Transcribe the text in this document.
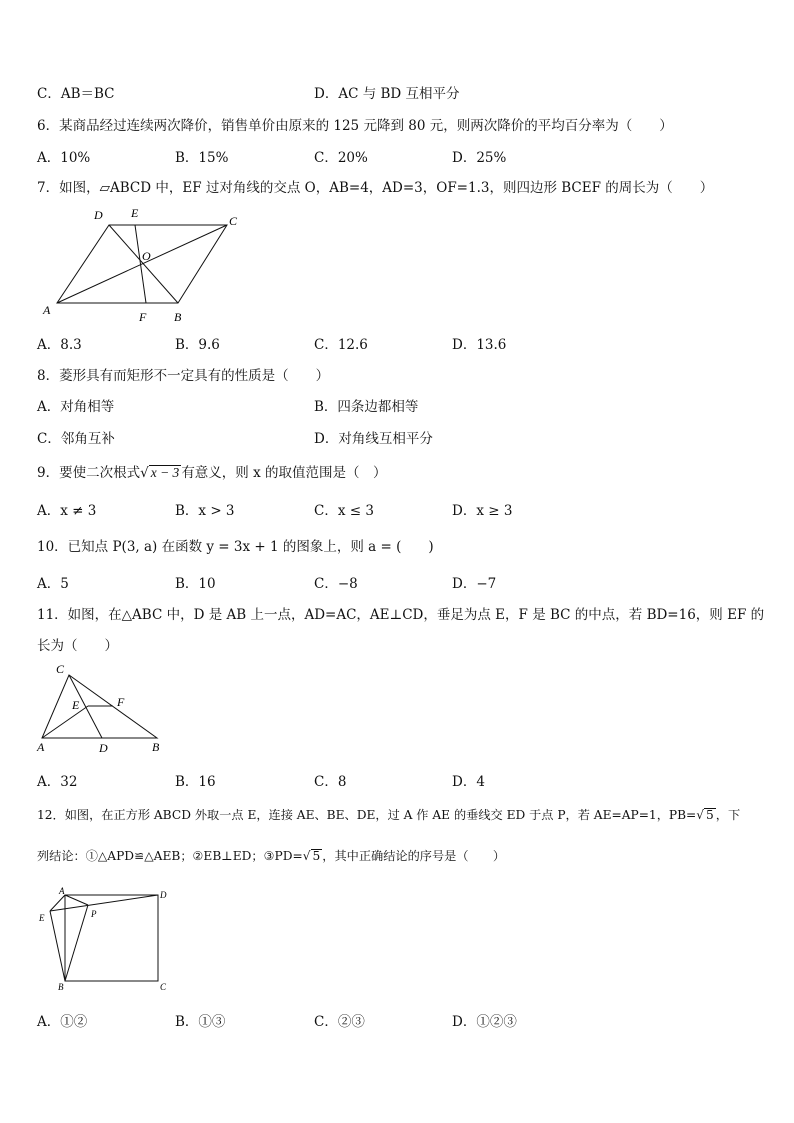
C．AB＝BC	D．AC 与 BD 互相平分
6．某商品经过连续两次降价，销售单价由原来的 125 元降到 80 元，则两次降价的平均百分率为（　　）
A．10%	B．15%	C．20%	D．25%
7．如图，▱ABCD 中，EF 过对角线的交点 O，AB=4，AD=3，OF=1.3，则四边形 BCEF 的周长为（　　）
A	B
C
D E
F
O
A．8.3	B．9.6	C．12.6	D．13.6
8．菱形具有而矩形不一定具有的性质是（　　）
A．对角相等	B．四条边都相等
C．邻角互补	D．对角线互相平分
9．要使二次根式√ x − 3 有意义，则 x 的取值范围是（　）
A．x ≠ 3	B．x > 3	C．x ≤ 3	D．x ≥ 3
10．已知点 P(3, a) 在函数 y = 3x + 1 的图象上，则 a = (　　)
A．5	B．10	C．−8	D．−7
11．如图，在△ABC 中，D 是 AB 上一点，AD=AC，AE⊥CD，垂足为点 E，F 是 BC 的中点，若 BD=16，则 EF 的
长为（　　）
C
E	F
A	D	B
A．32	B．16	C．8	D．4
12．如图，在正方形 ABCD 外取一点 E，连接 AE、BE、DE，过 A 作 AE 的垂线交 ED 于点 P，若 AE=AP=1，PB=√ 5 ，下
列结论：①△APD≌△AEB；②EB⊥ED；③PD=√ 5 ，其中正确结论的序号是（　　）
A
E	P
D
B	C
A．①②	B．①③	C．②③	D．①②③
